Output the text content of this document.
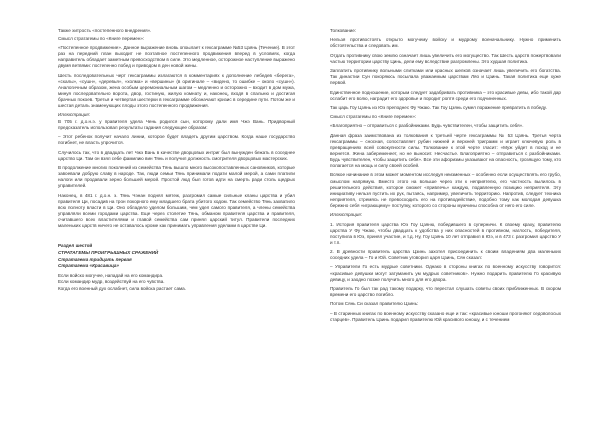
Также хитрость «постепенного внедрения».

Смысл стратагемы по «Книге перемен»:

«Постепенное продвижение». Данное выражение вновь опоылает к гексаграмме №53 Цзянь (Течение). В этот раз на передний план выходит не поэтапное постепенного продвижения вперед в условиях, когда направитель обладает заметным превосходством в силе. Это медленное, осторожное наступление выражено двумя ветвями: постепенно побед и приводом в ден новой жены.

Шесть последовательных черт гексаграммы излагаются в комментариях к дополнение лебедев «берега», «скалы», «сушн», «деревья», «холма» и «вершины» (в оригинале – «видено, то ошибке – около «сушн»). Аналогичным образом, жена особым церемониальным шагом – медленно и осторожно – входит в дом мужа, минуя последовательно ворота, двор, гостиную, жилую комнату и, наконец, входя в спальню и достигая брачных покоев. Третья и четвертая шестерки в гексаграмме обозначают кризис в середине пути. Потом же и шестая деталь знаменующих плоды этого постепенного продвижения.

Иллюстрация:

В 705 г. д.о.н.э. у правителя удела Чень родился сын, которому дали имя Чжэ Вань. Придворный предсказатель использовал результаты гадания следующее образом:

– Этот ребенок получит начало линии, которое будет владеть другим царством. Когда наше государство погибнет, не власть упрочится.

Случилось так, что в двадцать лет Чжэ Вань в качестве дворцовых интриг был вынужден бежать в соседнее царство Ци. Там он взял себе фамилию вин Тянь и получил должность смотрителя дворцовых мастерских.

В продолжение многих поколений из семейства Тянь вышло много высокопоставленных сановников, которые завоевали добрую славу в народе. Так, люди семьи Тянь принимали подати малой мерой, а сами платили налоги или продавали зерно большей мерой. Простой люд был готов идти на смерть ради столь щедрых управителей.

Наконец, в 481 г. д.о.н. э. Тянь Чэнан поднял мятеж, разгромил самые сильные кланы царства и убил правителя Ци, посадив на трон покорного ему младшего брата убитого ходом. Так семейство Тянь захватило всю полноту власти в Ци. Оно обладело уделом большим, чем удел самого правителя, а члены семейства управляли всеми городами царства. Еще через столетие Тянь, обманом правителя царства и правителя, считавшего всех властителями и главой семейства сам принял царский титул. Правители последних маленьких царств ничего не оставалось кроме как принимать управления уделами в царстве Ци.

Раздел шестой

СТРАТАГЕМЫ ПРОИГРЫШНЫХ СРАЖЕНИЙ

Стратагема тридцать первая

Стратагема «Красавица»

Если войско могучее, нападай на его командира.

Если командир мудр, воздействуй на его чувства.

Когда его военный дух ослабнет, сила войска растает сама.

Толкование:

Нельзя противостоять открыто могучему войску и мудрому военачальнику. Нужно применить обстоятельства и следовать им.

Отдать противнику свою землю означает лишь увеличить его могущество. Так Шесть царств пожертвовали частью территории царству Цинь, дели ему вследствие разгромлены. Это худшая политика.

Заплатить противнику вольными слитками или красных шелков означает лишь увеличить его богатства. Так династии Сун покоряюсь посылала уважаемым царствам Ляо и Цзинь. Такая политика еще хуже первой.

Единственное подношение, которым следует задабривать противника – это красивые девы, ибо такой дар ослабит его волю, наградит его здоровье и породит роптя среди его подчиненных.

Так царь Гоу Цзянь из Юэ преподнес Фу Чжаю. Так Гоу Цзянь сумел поражение превратить в победу.

Смысл стратагемы по «Книге перемен»:

«Благоприятно – отправиться с разбойниками. Будь чувствителен, чтобы защитить себя».

Данная фраза заимствована из толкования к третьей черте гексаграммы № 53 Цзянь. Третья черта гексаграммы – сносная, сопоставляет рубин нижней и верхней триграмм и играет ключевую роль в превращениях всей совокупности силы. Толкование к этой черте гласит: «Муж уйдет в поход и не вернется. Жена забеременеет, но не выносит. Несчастье. Благоприятно – отправиться с разбойниками. Будь чувствителен, чтобы защитить себя». Все эти афоризмы указывают на опасность, грозящую тому, кто полагается на мощь и силу своей особей.

Всякое начинание в этом может моментом исследуя неизменных – особенно если осуществлять его грубо, смыслом напрямую. Вместо этого на волыше через эти к неприятелю, его частность вылилось в решительного действия, которое сможет «привлечь» каждую, подавленную позицию неприятеля. Эту инициативу нельзя пустить их рук, пытаясь, например, увеличить территорию. Напротив, следует техника неприятеля, стремясь не превосходить его на противодействие, подобно тому как молодая девушка бережно себя «играющему» поступку, которого со стороны мужчины способна от него его силе.

Иллюстрация:

1. История правителя царства Юэ Гоу Цзяню, победившего в суперничи. К своему краху, правителю царства У Фу Чжаю, чтобы двадцать к удобства у них опасностей в противном, наглость, победителя, поступила в Юэ, принял участие, и т.д. Ну, Гоу Цзянь 10 лет отправил в Юэ, и в 473 г. разгромил царство У и т.п.

2. В древности правитель царства Цзинь захотел присоединить к своим владениям два маленьких соседних удела – Го и Юй. Советник уговорил царя Цзинь, Сян сказал:

– Управители Го есть мудрые советники. Однако в стороны книгах по военному искусству говорится: «красивые девушки могут затуманить ум мудрых советников». Нужно подарить правителю Го красивую девицу, и заодно позже получить много для его двора.

Правитель Го был так рад такому подарку, что перестал слушать советы своих приближенных. В скором времени его царство погибло.

Потом Сянь Си сказал правителю Цзинь:

– В старинных книгах по военному искусству сказано еще и так: «красивые юноши прогоняют седоволосых старцев». Правитель Цзинь подарил правителю Юй красивого юношу, и с течением
